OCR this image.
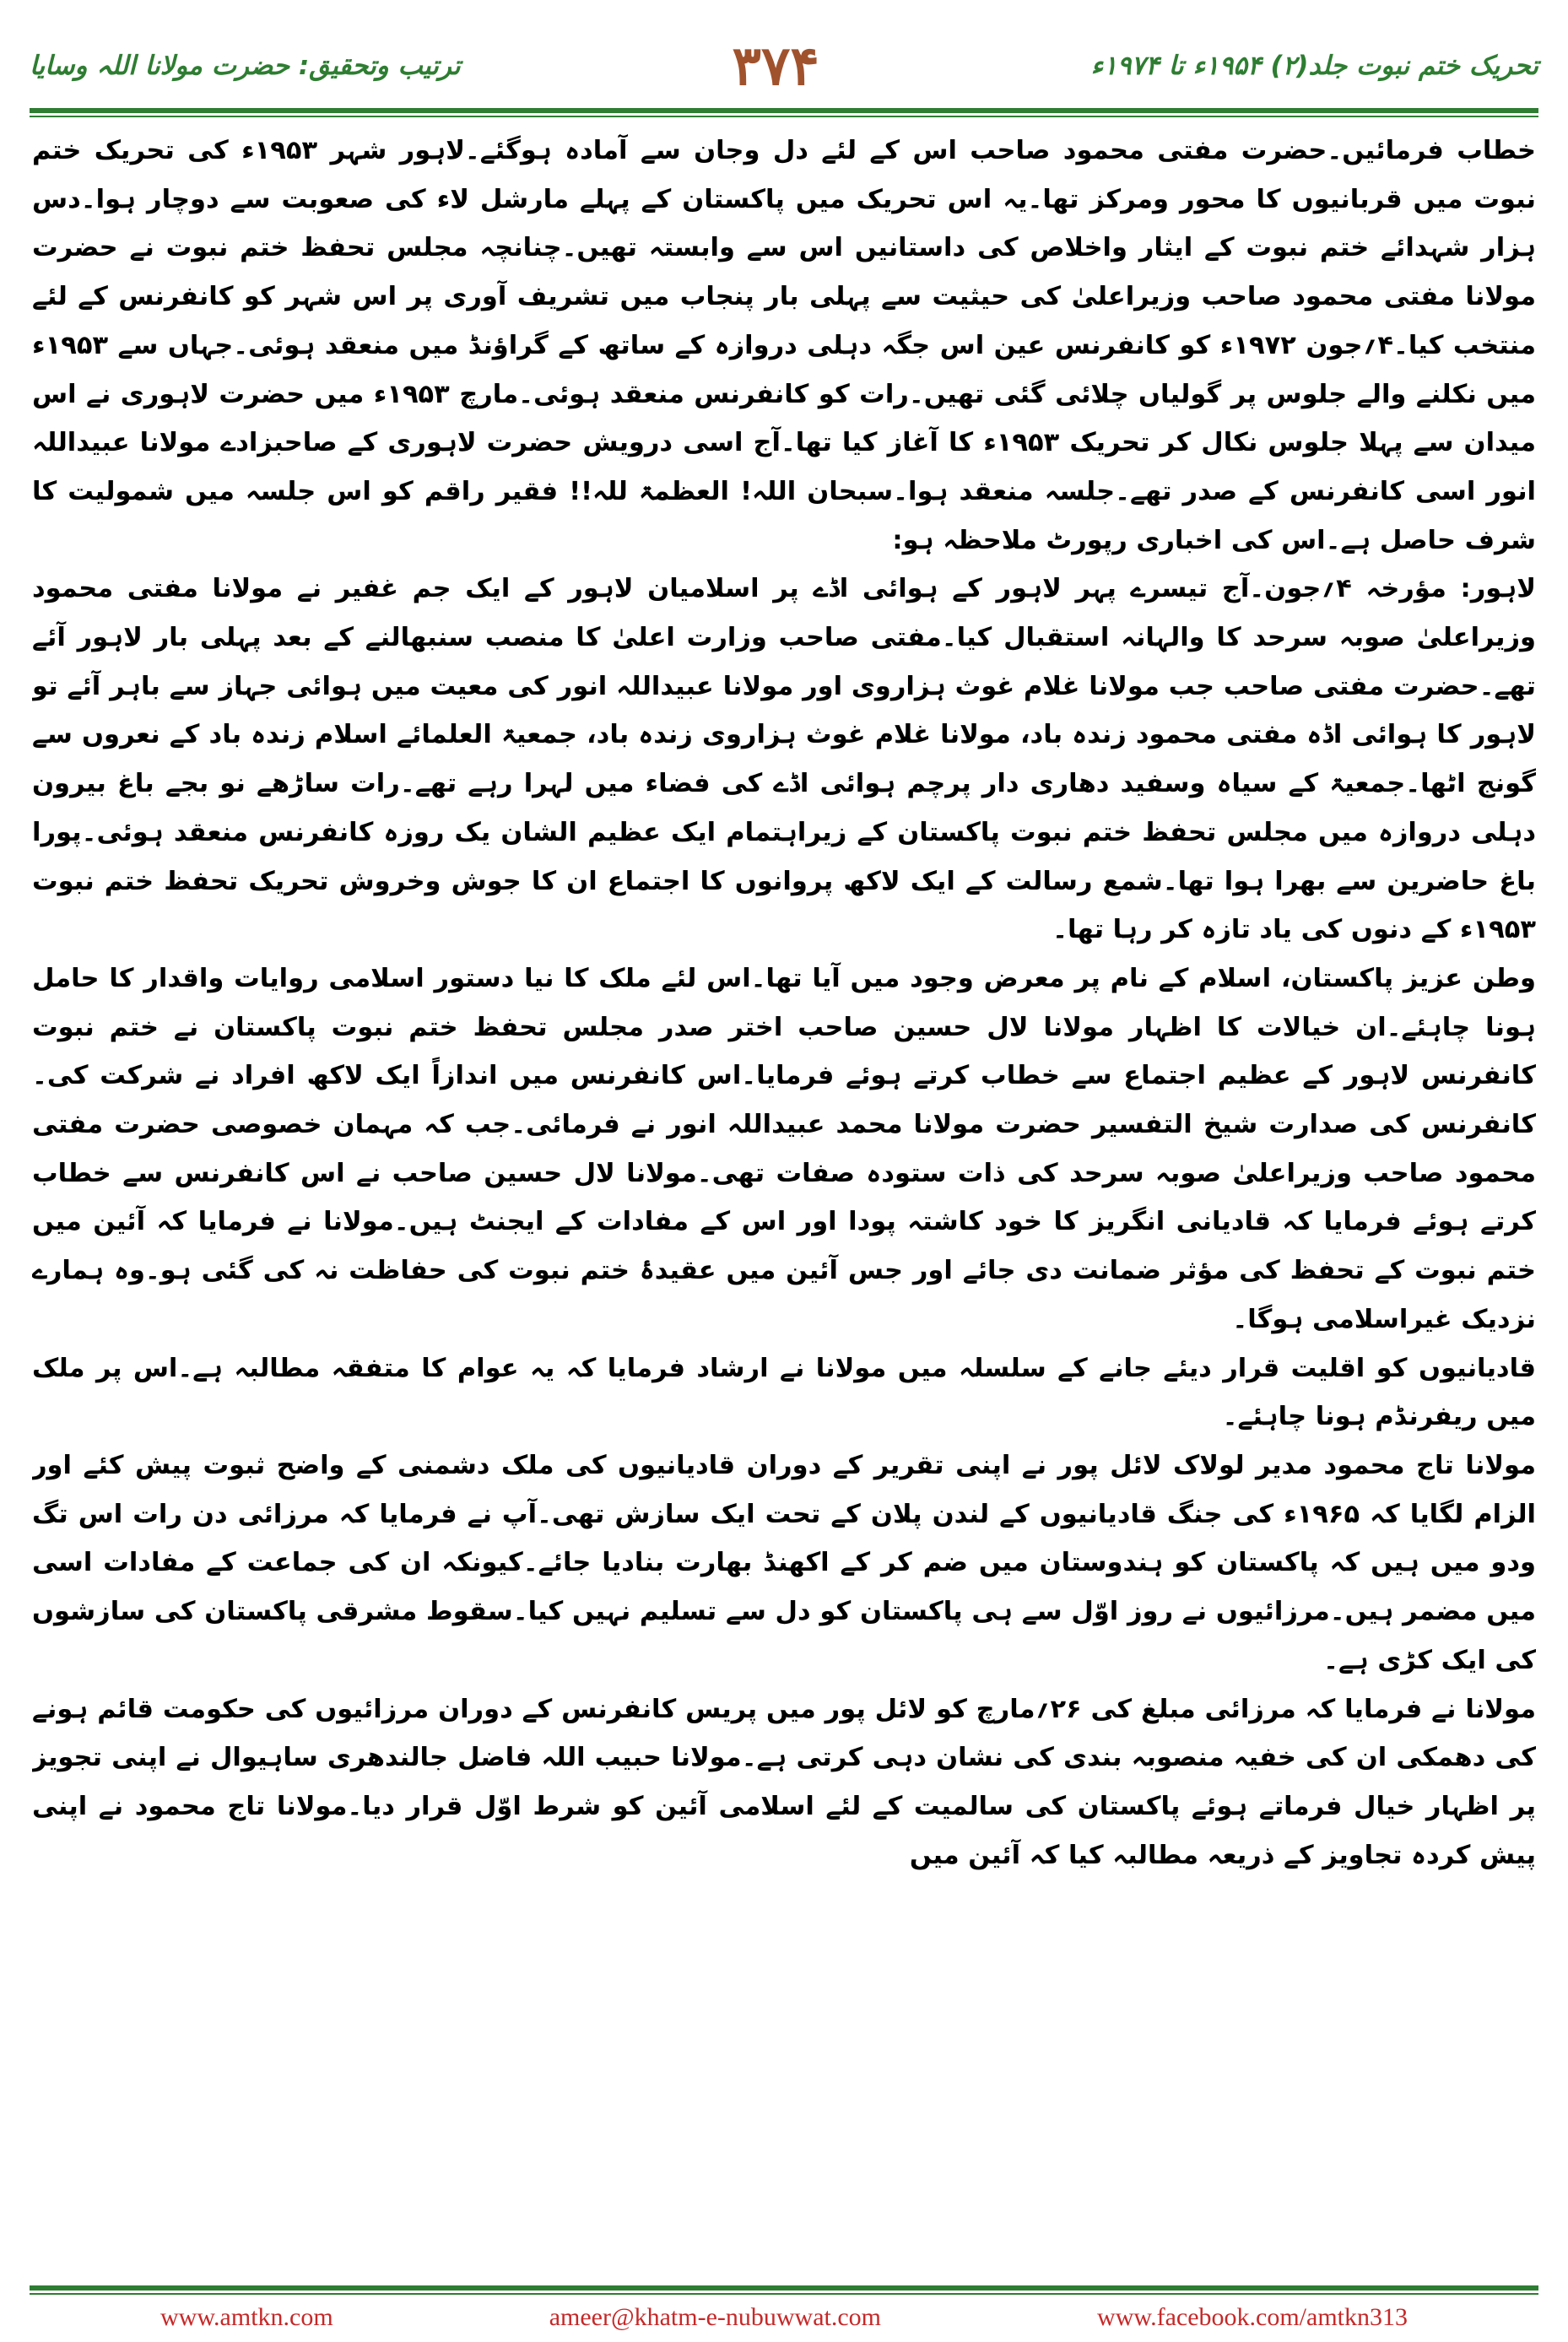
ترتیب وتحقیق: حضرت مولانا اللہ وسایا	۳۷۴	تحریک ختم نبوت جلد(۲) ۱۹۵۴ء تا ۱۹۷۴ء

خطاب فرمائیں۔حضرت مفتی محمود صاحب اس کے لئے دل وجان سے آمادہ ہوگئے۔لاہور شہر ۱۹۵۳ء کی تحریک ختم نبوت میں قربانیوں کا محور ومرکز تھا۔یہ اس تحریک میں پاکستان کے پہلے مارشل لاء کی صعوبت سے دوچار ہوا۔دس ہزار شہدائے ختم نبوت کے ایثار واخلاص کی داستانیں اس سے وابستہ تھیں۔چنانچہ مجلس تحفظ ختم نبوت نے حضرت مولانا مفتی محمود صاحب وزیراعلیٰ کی حیثیت سے پہلی بار پنجاب میں تشریف آوری پر اس شہر کو کانفرنس کے لئے منتخب کیا۔۴؍جون ۱۹۷۲ء کو کانفرنس عین اس جگہ دہلی دروازہ کے ساتھ کے گراؤنڈ میں منعقد ہوئی۔جہاں سے ۱۹۵۳ء میں نکلنے والے جلوس پر گولیاں چلائی گئی تھیں۔رات کو کانفرنس منعقد ہوئی۔مارچ ۱۹۵۳ء میں حضرت لاہوری نے اس میدان سے پہلا جلوس نکال کر تحریک ۱۹۵۳ء کا آغاز کیا تھا۔آج اسی درویش حضرت لاہوری کے صاحبزادے مولانا عبیداللہ انور اسی کانفرنس کے صدر تھے۔جلسہ منعقد ہوا۔سبحان اللہ! العظمۃ للہ!! فقیر راقم کو اس جلسہ میں شمولیت کا شرف حاصل ہے۔اس کی اخباری رپورٹ ملاحظہ ہو:

لاہور: مؤرخہ ۴؍جون۔آج تیسرے پہر لاہور کے ہوائی اڈے پر اسلامیان لاہور کے ایک جم غفیر نے مولانا مفتی محمود وزیراعلیٰ صوبہ سرحد کا والہانہ استقبال کیا۔مفتی صاحب وزارت اعلیٰ کا منصب سنبھالنے کے بعد پہلی بار لاہور آئے تھے۔حضرت مفتی صاحب جب مولانا غلام غوث ہزاروی اور مولانا عبیداللہ انور کی معیت میں ہوائی جہاز سے باہر آئے تو لاہور کا ہوائی اڈہ مفتی محمود زندہ باد، مولانا غلام غوث ہزاروی زندہ باد، جمعیۃ العلمائے اسلام زندہ باد کے نعروں سے گونج اٹھا۔جمعیۃ کے سیاہ وسفید دھاری دار پرچم ہوائی اڈے کی فضاء میں لہرا رہے تھے۔رات ساڑھے نو بجے باغ بیرون دہلی دروازہ میں مجلس تحفظ ختم نبوت پاکستان کے زیراہتمام ایک عظیم الشان یک روزہ کانفرنس منعقد ہوئی۔پورا باغ حاضرین سے بھرا ہوا تھا۔شمع رسالت کے ایک لاکھ پروانوں کا اجتماع ان کا جوش وخروش تحریک تحفظ ختم نبوت ۱۹۵۳ء کے دنوں کی یاد تازہ کر رہا تھا۔

وطن عزیز پاکستان، اسلام کے نام پر معرض وجود میں آیا تھا۔اس لئے ملک کا نیا دستور اسلامی روایات واقدار کا حامل ہونا چاہئے۔ان خیالات کا اظہار مولانا لال حسین صاحب اختر صدر مجلس تحفظ ختم نبوت پاکستان نے ختم نبوت کانفرنس لاہور کے عظیم اجتماع سے خطاب کرتے ہوئے فرمایا۔اس کانفرنس میں اندازاً ایک لاکھ افراد نے شرکت کی۔کانفرنس کی صدارت شیخ التفسیر حضرت مولانا محمد عبیداللہ انور نے فرمائی۔جب کہ مہمان خصوصی حضرت مفتی محمود صاحب وزیراعلیٰ صوبہ سرحد کی ذات ستودہ صفات تھی۔مولانا لال حسین صاحب نے اس کانفرنس سے خطاب کرتے ہوئے فرمایا کہ قادیانی انگریز کا خود کاشتہ پودا اور اس کے مفادات کے ایجنٹ ہیں۔مولانا نے فرمایا کہ آئین میں ختم نبوت کے تحفظ کی مؤثر ضمانت دی جائے اور جس آئین میں عقیدۂ ختم نبوت کی حفاظت نہ کی گئی ہو۔وہ ہمارے نزدیک غیراسلامی ہوگا۔

قادیانیوں کو اقلیت قرار دیئے جانے کے سلسلہ میں مولانا نے ارشاد فرمایا کہ یہ عوام کا متفقہ مطالبہ ہے۔اس پر ملک میں ریفرنڈم ہونا چاہئے۔

مولانا تاج محمود مدیر لولاک لائل پور نے اپنی تقریر کے دوران قادیانیوں کی ملک دشمنی کے واضح ثبوت پیش کئے اور الزام لگایا کہ ۱۹۶۵ء کی جنگ قادیانیوں کے لندن پلان کے تحت ایک سازش تھی۔آپ نے فرمایا کہ مرزائی دن رات اس تگ ودو میں ہیں کہ پاکستان کو ہندوستان میں ضم کر کے اکھنڈ بھارت بنادیا جائے۔کیونکہ ان کی جماعت کے مفادات اسی میں مضمر ہیں۔مرزائیوں نے روز اوّل سے ہی پاکستان کو دل سے تسلیم نہیں کیا۔سقوط مشرقی پاکستان کی سازشوں کی ایک کڑی ہے۔

مولانا نے فرمایا کہ مرزائی مبلغ کی ۲۶؍مارچ کو لائل پور میں پریس کانفرنس کے دوران مرزائیوں کی حکومت قائم ہونے کی دھمکی ان کی خفیہ منصوبہ بندی کی نشان دہی کرتی ہے۔مولانا حبیب اللہ فاضل جالندھری ساہیوال نے اپنی تجویز پر اظہار خیال فرماتے ہوئے پاکستان کی سالمیت کے لئے اسلامی آئین کو شرط اوّل قرار دیا۔مولانا تاج محمود نے اپنی پیش کردہ تجاویز کے ذریعہ مطالبہ کیا کہ آئین میں

www.amtkn.com	ameer@khatm-e-nubuwwat.com	www.facebook.com/amtkn313
